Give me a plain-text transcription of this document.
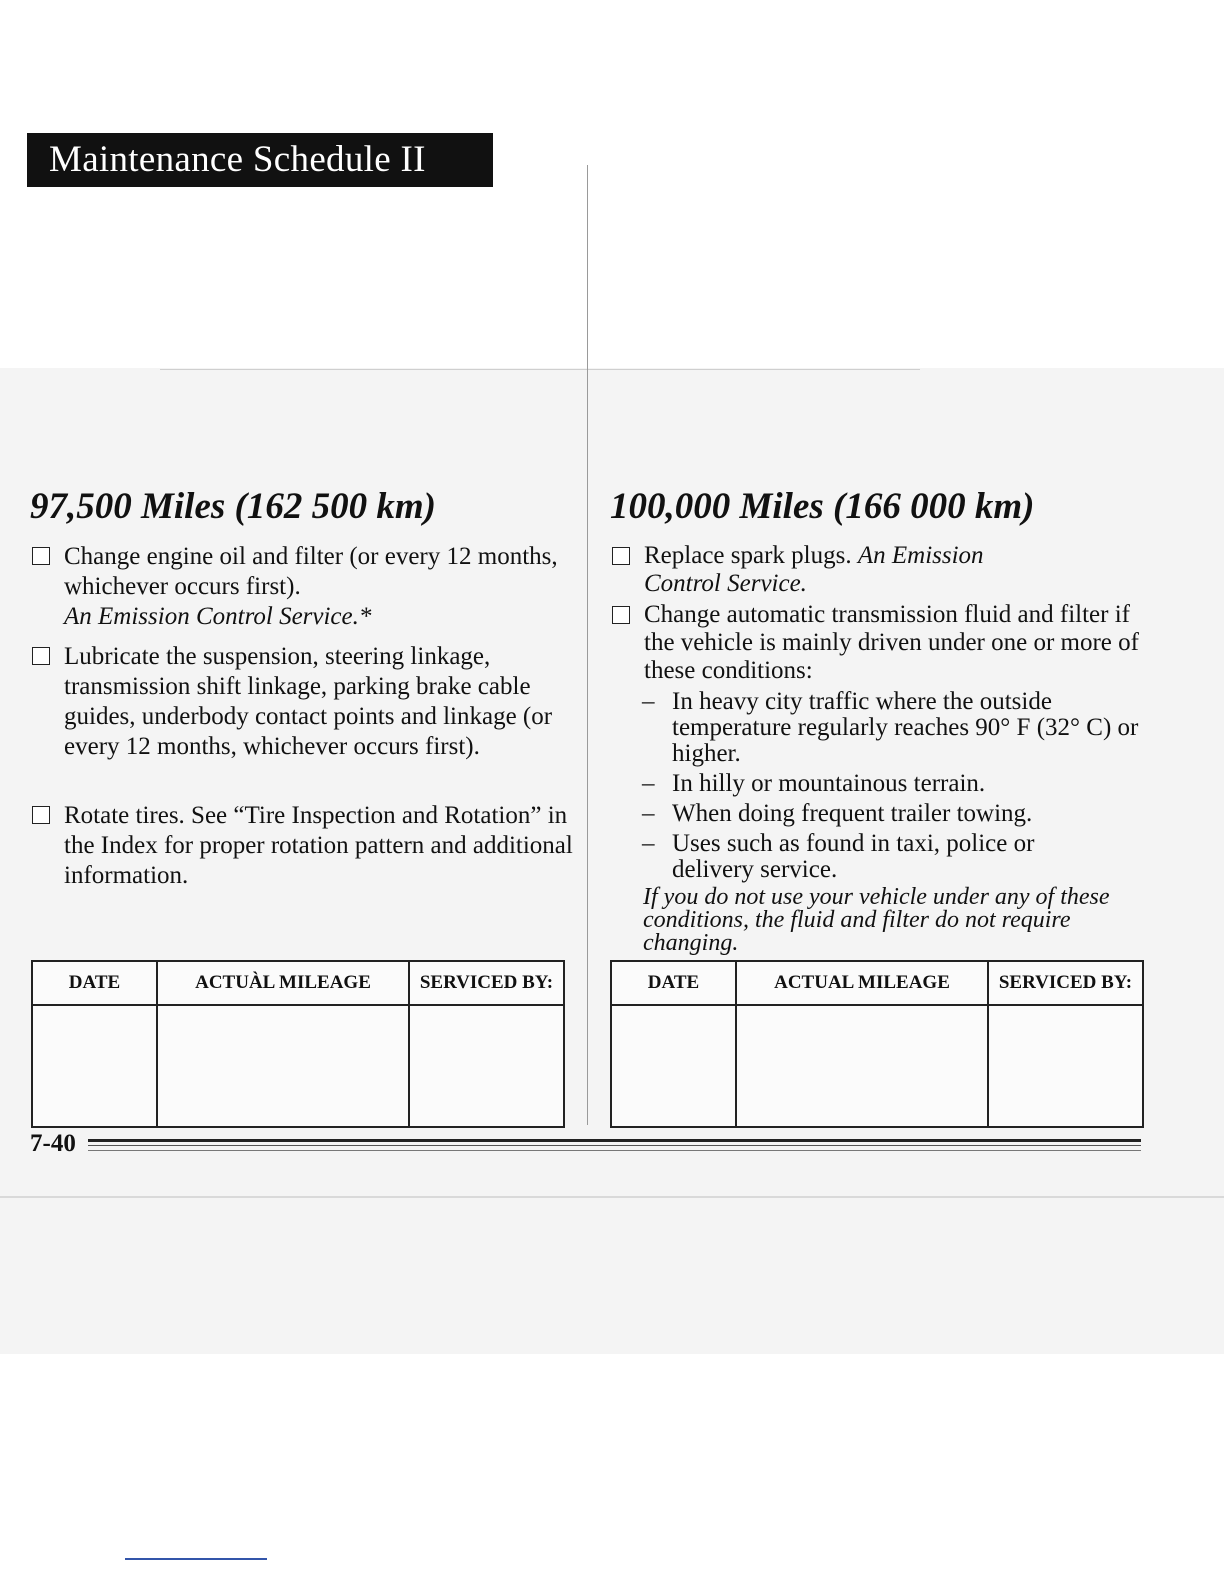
Maintenance Schedule II
97,500 Miles (162 500 km)
Change engine oil and filter (or every 12 months, whichever occurs first).
An Emission Control Service.*
Lubricate the suspension, steering linkage, transmission shift linkage, parking brake cable guides, underbody contact points and linkage (or every 12 months, whichever occurs first).
Rotate tires. See “Tire Inspection and Rotation” in the Index for proper rotation pattern and additional information.
DATE	ACTUÀL MILEAGE	SERVICED BY:

100,000 Miles (166 000 km)
Replace spark plugs. An Emission Control Service.
Change automatic transmission fluid and filter if the vehicle is mainly driven under one or more of these conditions:
– In heavy city traffic where the outside temperature regularly reaches 90° F (32° C) or higher.
– In hilly or mountainous terrain.
– When doing frequent trailer towing.
– Uses such as found in taxi, police or delivery service.
If you do not use your vehicle under any of these conditions, the fluid and filter do not require changing.
DATE	ACTUAL MILEAGE	SERVICED BY:

7-40
